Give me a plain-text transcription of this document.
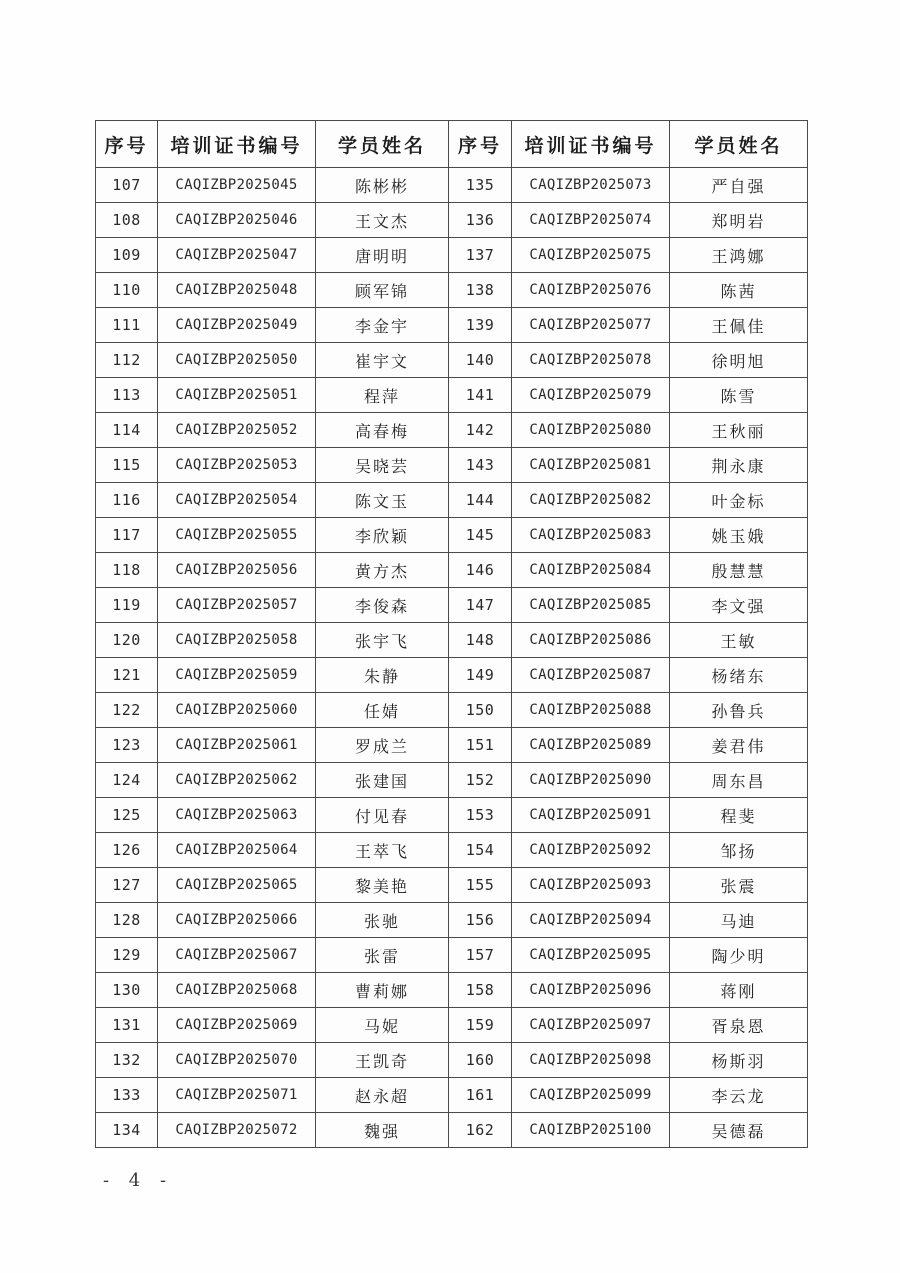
序号	培训证书编号	学员姓名	序号	培训证书编号	学员姓名
107	CAQIZBP2025045	陈彬彬	135	CAQIZBP2025073	严自强
108	CAQIZBP2025046	王文杰	136	CAQIZBP2025074	郑明岩
109	CAQIZBP2025047	唐明明	137	CAQIZBP2025075	王鸿娜
110	CAQIZBP2025048	顾军锦	138	CAQIZBP2025076	陈茜
111	CAQIZBP2025049	李金宇	139	CAQIZBP2025077	王佩佳
112	CAQIZBP2025050	崔宇文	140	CAQIZBP2025078	徐明旭
113	CAQIZBP2025051	程萍	141	CAQIZBP2025079	陈雪
114	CAQIZBP2025052	高春梅	142	CAQIZBP2025080	王秋丽
115	CAQIZBP2025053	吴晓芸	143	CAQIZBP2025081	荆永康
116	CAQIZBP2025054	陈文玉	144	CAQIZBP2025082	叶金标
117	CAQIZBP2025055	李欣颖	145	CAQIZBP2025083	姚玉娥
118	CAQIZBP2025056	黄方杰	146	CAQIZBP2025084	殷慧慧
119	CAQIZBP2025057	李俊森	147	CAQIZBP2025085	李文强
120	CAQIZBP2025058	张宇飞	148	CAQIZBP2025086	王敏
121	CAQIZBP2025059	朱静	149	CAQIZBP2025087	杨绪东
122	CAQIZBP2025060	任婧	150	CAQIZBP2025088	孙鲁兵
123	CAQIZBP2025061	罗成兰	151	CAQIZBP2025089	姜君伟
124	CAQIZBP2025062	张建国	152	CAQIZBP2025090	周东昌
125	CAQIZBP2025063	付见春	153	CAQIZBP2025091	程斐
126	CAQIZBP2025064	王萃飞	154	CAQIZBP2025092	邹扬
127	CAQIZBP2025065	黎美艳	155	CAQIZBP2025093	张震
128	CAQIZBP2025066	张驰	156	CAQIZBP2025094	马迪
129	CAQIZBP2025067	张雷	157	CAQIZBP2025095	陶少明
130	CAQIZBP2025068	曹莉娜	158	CAQIZBP2025096	蒋刚
131	CAQIZBP2025069	马妮	159	CAQIZBP2025097	胥泉恩
132	CAQIZBP2025070	王凯奇	160	CAQIZBP2025098	杨斯羽
133	CAQIZBP2025071	赵永超	161	CAQIZBP2025099	李云龙
134	CAQIZBP2025072	魏强	162	CAQIZBP2025100	吴德磊
- 4 -
